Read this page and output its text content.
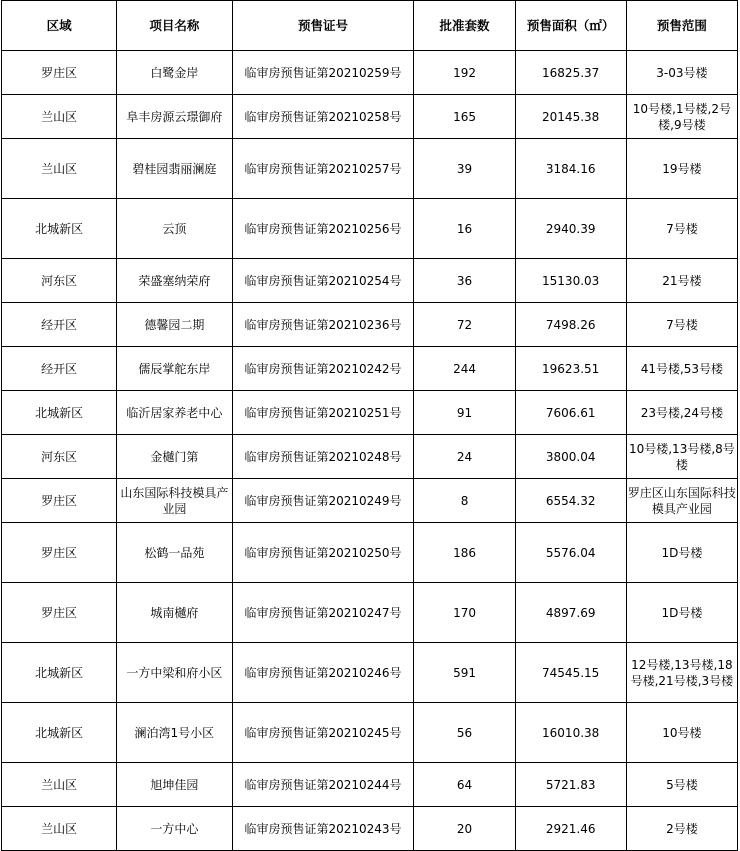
区域	项目名称	预售证号	批准套数	预售面积（㎡）	预售范围
罗庄区	白鹭金岸	临审房预售证第20210259号	192	16825.37	3-03号楼
兰山区	阜丰房源云璟御府	临审房预售证第20210258号	165	20145.38	10号楼,1号楼,2号楼,9号楼
兰山区	碧桂园翡丽澜庭	临审房预售证第20210257号	39	3184.16	19号楼
北城新区	云顶	临审房预售证第20210256号	16	2940.39	7号楼
河东区	荣盛塞纳荣府	临审房预售证第20210254号	36	15130.03	21号楼
经开区	德馨园二期	临审房预售证第20210236号	72	7498.26	7号楼
经开区	儒辰掌舵东岸	临审房预售证第20210242号	244	19623.51	41号楼,53号楼
北城新区	临沂居家养老中心	临审房预售证第20210251号	91	7606.61	23号楼,24号楼
河东区	金樾门第	临审房预售证第20210248号	24	3800.04	10号楼,13号楼,8号楼
罗庄区	山东国际科技模具产业园	临审房预售证第20210249号	8	6554.32	罗庄区山东国际科技模具产业园
罗庄区	松鹤一品苑	临审房预售证第20210250号	186	5576.04	1D号楼
罗庄区	城南樾府	临审房预售证第20210247号	170	4897.69	1D号楼
北城新区	一方中梁和府小区	临审房预售证第20210246号	591	74545.15	12号楼,13号楼,18号楼,21号楼,3号楼
北城新区	澜泊湾1号小区	临审房预售证第20210245号	56	16010.38	10号楼
兰山区	旭坤佳园	临审房预售证第20210244号	64	5721.83	5号楼
兰山区	一方中心	临审房预售证第20210243号	20	2921.46	2号楼
